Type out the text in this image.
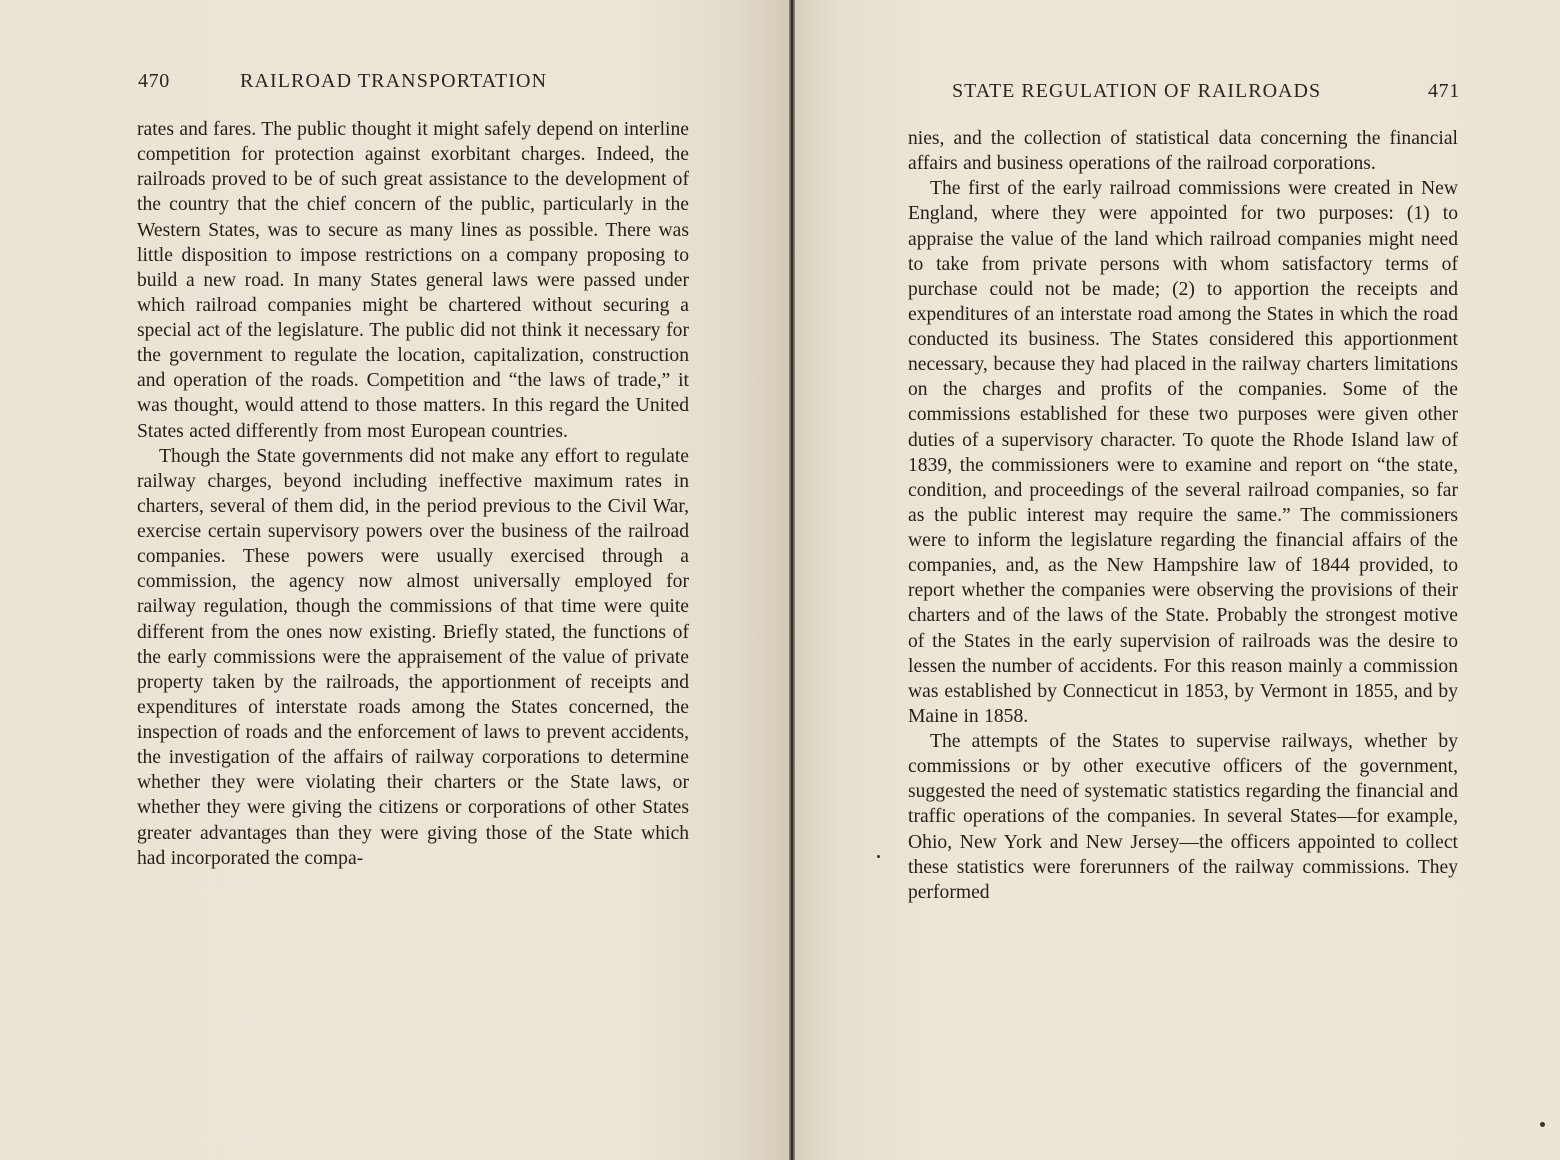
470	RAILROAD TRANSPORTATION

rates and fares. The public thought it might safely depend on interline competition for protection against exorbitant charges. Indeed, the railroads proved to be of such great assistance to the development of the country that the chief concern of the public, particularly in the Western States, was to secure as many lines as possible. There was little disposition to impose restrictions on a company proposing to build a new road. In many States general laws were passed under which railroad companies might be chartered without securing a special act of the legislature. The public did not think it necessary for the government to regulate the location, capitalization, construction and operation of the roads. Competition and “the laws of trade,” it was thought, would attend to those matters. In this regard the United States acted differently from most European countries.

Though the State governments did not make any effort to regulate railway charges, beyond including ineffective maximum rates in charters, several of them did, in the period previous to the Civil War, exercise certain supervisory powers over the business of the railroad companies. These powers were usually exercised through a commission, the agency now almost universally employed for railway regulation, though the commissions of that time were quite different from the ones now existing. Briefly stated, the functions of the early commissions were the appraisement of the value of private property taken by the railroads, the apportionment of receipts and expenditures of interstate roads among the States concerned, the inspection of roads and the enforcement of laws to prevent accidents, the investigation of the affairs of railway corporations to determine whether they were violating their charters or the State laws, or whether they were giving the citizens or corporations of other States greater advantages than they were giving those of the State which had incorporated the compa-

STATE REGULATION OF RAILROADS	471

nies, and the collection of statistical data concerning the financial affairs and business operations of the railroad corporations.

The first of the early railroad commissions were created in New England, where they were appointed for two purposes: (1) to appraise the value of the land which railroad companies might need to take from private persons with whom satisfactory terms of purchase could not be made; (2) to apportion the receipts and expenditures of an interstate road among the States in which the road conducted its business. The States considered this apportionment necessary, because they had placed in the railway charters limitations on the charges and profits of the companies. Some of the commissions established for these two purposes were given other duties of a supervisory character. To quote the Rhode Island law of 1839, the commissioners were to examine and report on “the state, condition, and proceedings of the several railroad companies, so far as the public interest may require the same.” The commissioners were to inform the legislature regarding the financial affairs of the companies, and, as the New Hampshire law of 1844 provided, to report whether the companies were observing the provisions of their charters and of the laws of the State. Probably the strongest motive of the States in the early supervision of railroads was the desire to lessen the number of accidents. For this reason mainly a commission was established by Connecticut in 1853, by Vermont in 1855, and by Maine in 1858.

The attempts of the States to supervise railways, whether by commissions or by other executive officers of the government, suggested the need of systematic statistics regarding the financial and traffic operations of the companies. In several States—for example, Ohio, New York and New Jersey—the officers appointed to collect these statistics were forerunners of the railway commissions. They performed
